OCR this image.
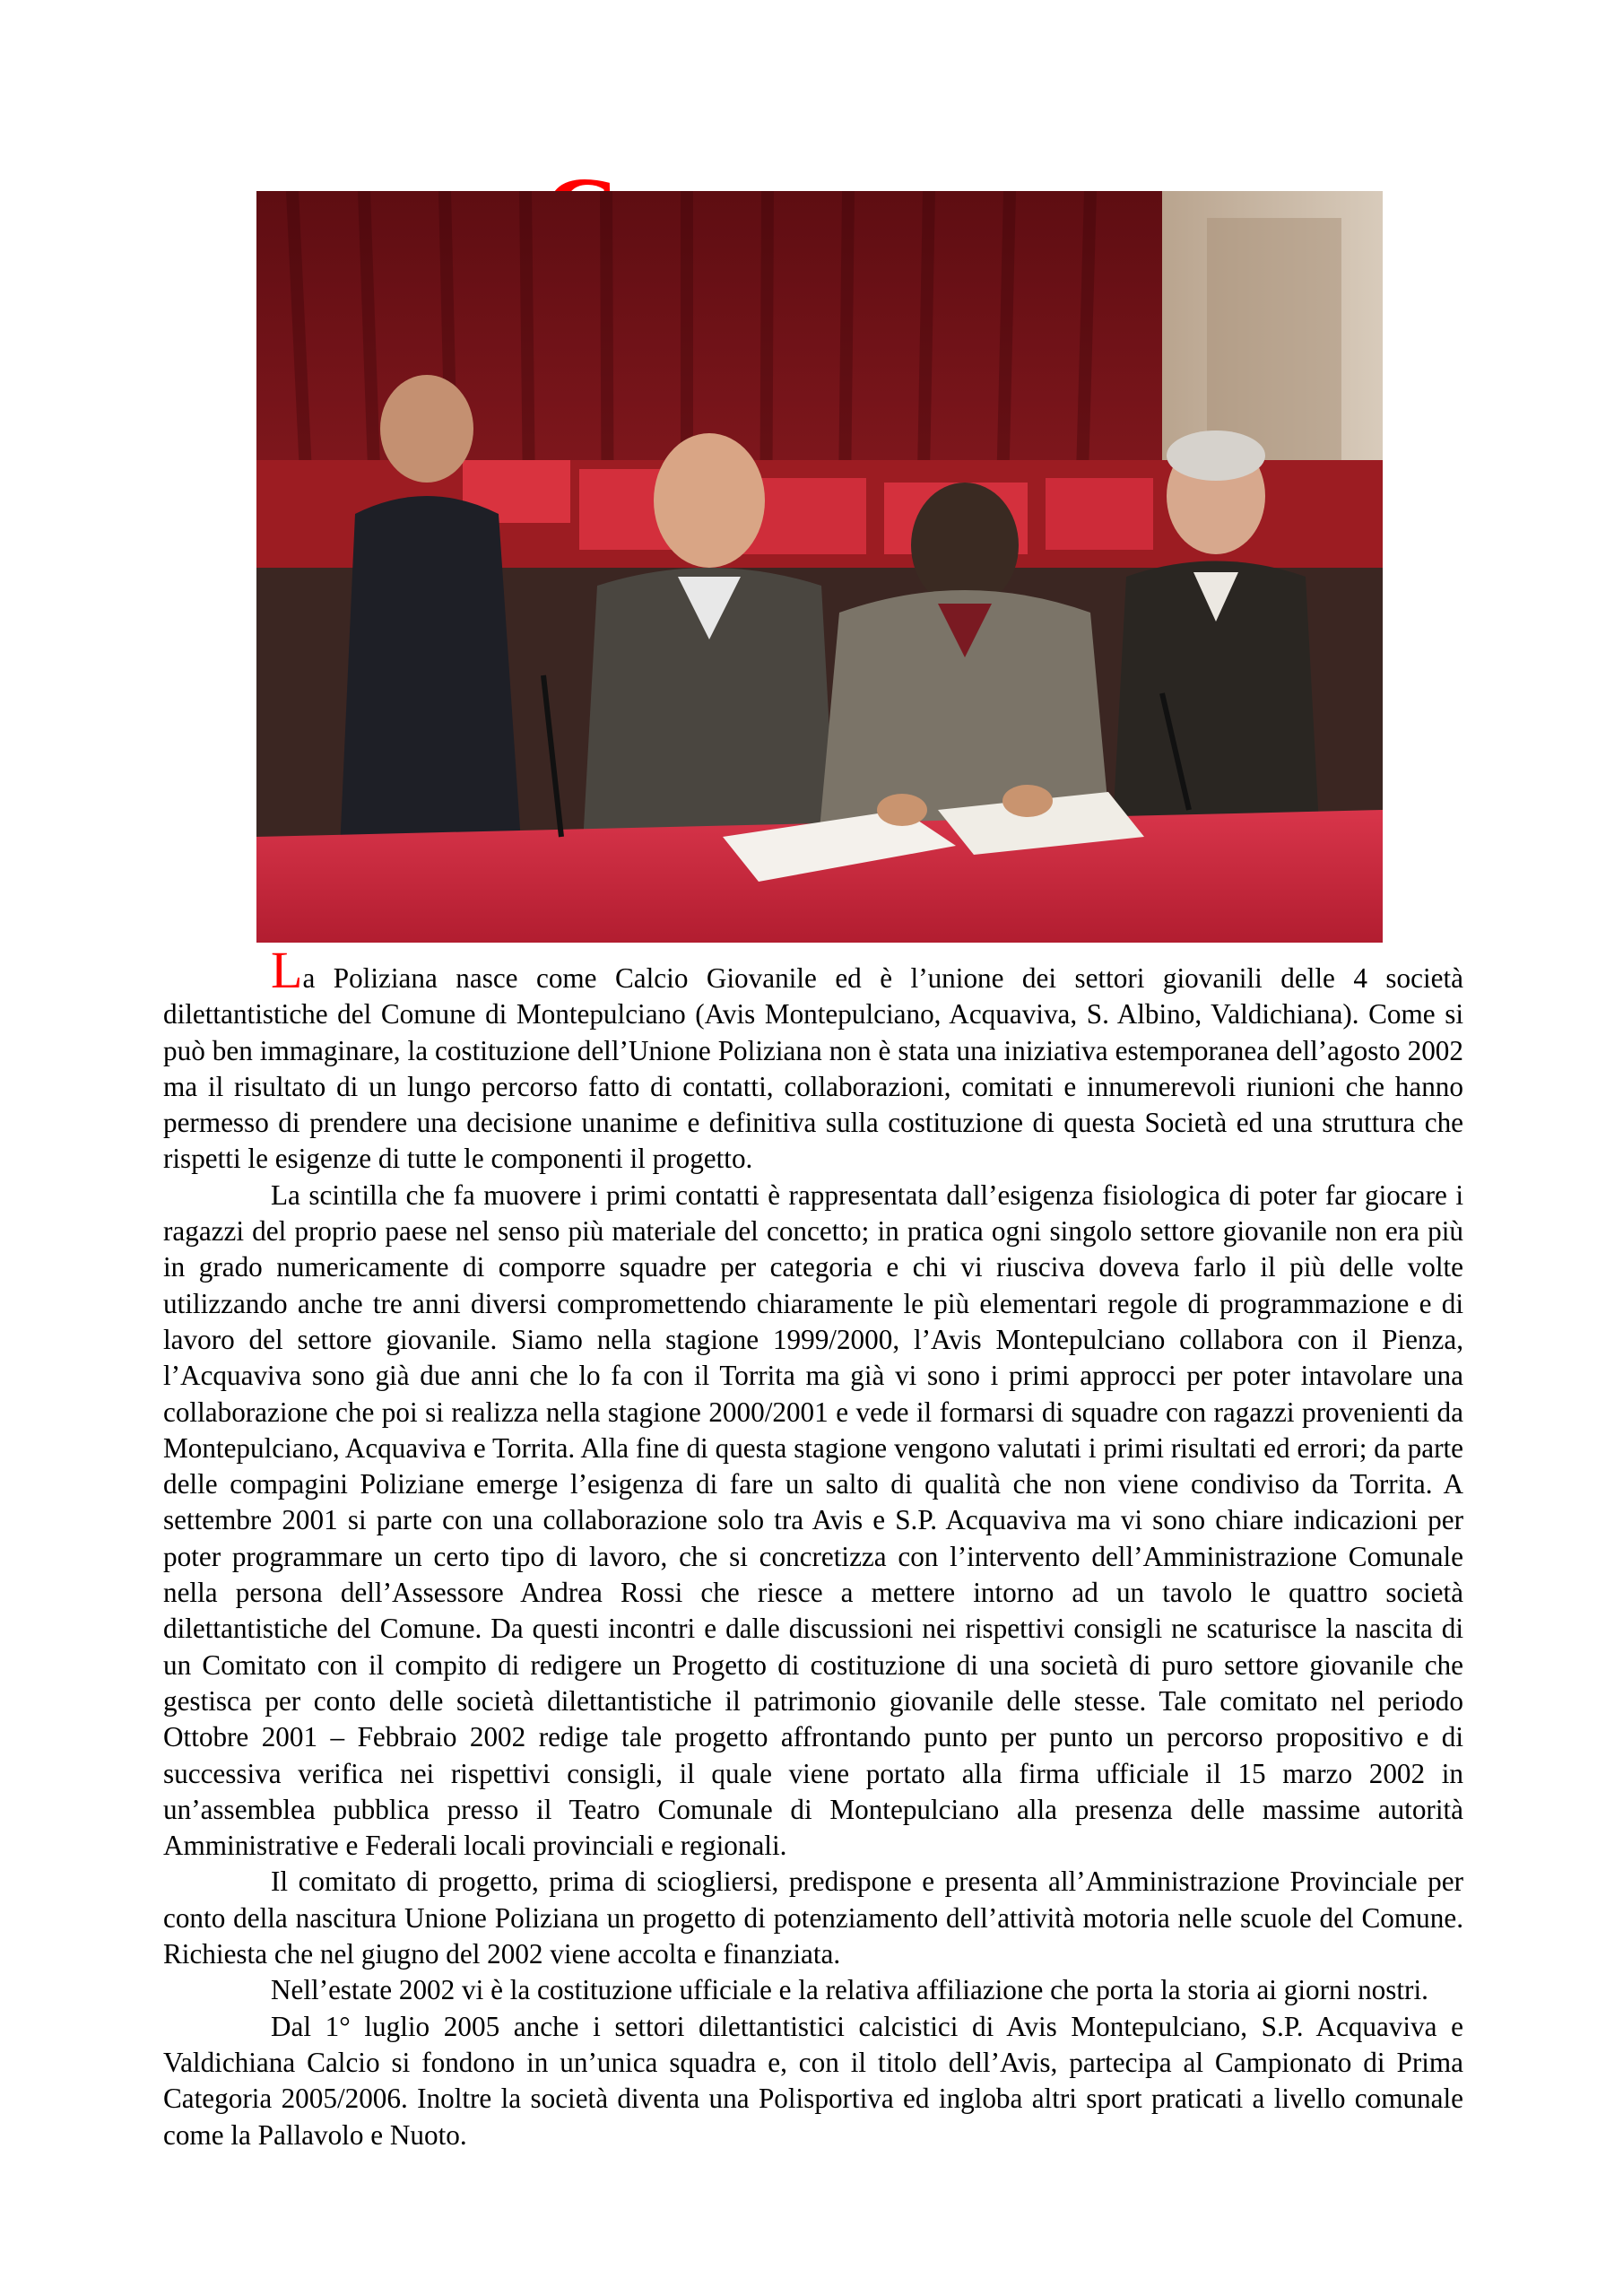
La Poliziana nasce come Calcio Giovanile ed è l’unione dei settori giovanili delle 4 società dilettantistiche del Comune di Montepulciano (Avis Montepulciano, Acquaviva, S. Albino, Valdichiana). Come si può ben immaginare, la costituzione dell’Unione Poliziana non è stata una iniziativa estemporanea dell’agosto 2002 ma il risultato di un lungo percorso fatto di contatti, collaborazioni, comitati e innumerevoli riunioni che hanno permesso di prendere una decisione unanime e definitiva sulla costituzione di questa Società ed una struttura che rispetti le esigenze di tutte le componenti il progetto.

La scintilla che fa muovere i primi contatti è rappresentata dall’esigenza fisiologica di poter far giocare i ragazzi del proprio paese nel senso più materiale del concetto; in pratica ogni singolo settore giovanile non era più in grado numericamente di comporre squadre per categoria e chi vi riusciva doveva farlo il più delle volte utilizzando anche tre anni diversi compromettendo chiaramente le più elementari regole di programmazione e di lavoro del settore giovanile. Siamo nella stagione 1999/2000, l’Avis Montepulciano collabora con il Pienza, l’Acquaviva sono già due anni che lo fa con il Torrita ma già vi sono i primi approcci per poter intavolare una collaborazione che poi si realizza nella stagione 2000/2001 e vede il formarsi di squadre con ragazzi provenienti da Montepulciano, Acquaviva e Torrita. Alla fine di questa stagione vengono valutati i primi risultati ed errori; da parte delle compagini Poliziane emerge l’esigenza di fare un salto di qualità che non viene condiviso da Torrita. A settembre 2001 si parte con una collaborazione solo tra Avis e S.P. Acquaviva ma vi sono chiare indicazioni per poter programmare un certo tipo di lavoro, che si concretizza con l’intervento dell’Amministrazione Comunale nella persona dell’Assessore Andrea Rossi che riesce a mettere intorno ad un tavolo le quattro società dilettantistiche del Comune. Da questi incontri e dalle discussioni nei rispettivi consigli ne scaturisce la nascita di un Comitato con il compito di redigere un Progetto di costituzione di una società di puro settore giovanile che gestisca per conto delle società dilettantistiche il patrimonio giovanile delle stesse. Tale comitato nel periodo Ottobre 2001 – Febbraio 2002 redige tale progetto affrontando punto per punto un percorso propositivo e di successiva verifica nei rispettivi consigli, il quale viene portato alla firma ufficiale il 15 marzo 2002 in un’assemblea pubblica presso il Teatro Comunale di Montepulciano alla presenza delle massime autorità Amministrative e Federali locali provinciali e regionali.

Il comitato di progetto, prima di sciogliersi, predispone e presenta all’Amministrazione Provinciale per conto della nascitura Unione Poliziana un progetto di potenziamento dell’attività motoria nelle scuole del Comune. Richiesta che nel giugno del 2002 viene accolta e finanziata.

Nell’estate 2002 vi è la costituzione ufficiale e la relativa affiliazione che porta la storia ai giorni nostri.

Dal 1° luglio 2005 anche i settori dilettantistici calcistici di Avis Montepulciano, S.P. Acquaviva e Valdichiana Calcio si fondono in un’unica squadra e, con il titolo dell’Avis, partecipa al Campionato di Prima Categoria 2005/2006. Inoltre la società diventa una Polisportiva ed ingloba altri sport praticati a livello comunale come la Pallavolo e Nuoto.
